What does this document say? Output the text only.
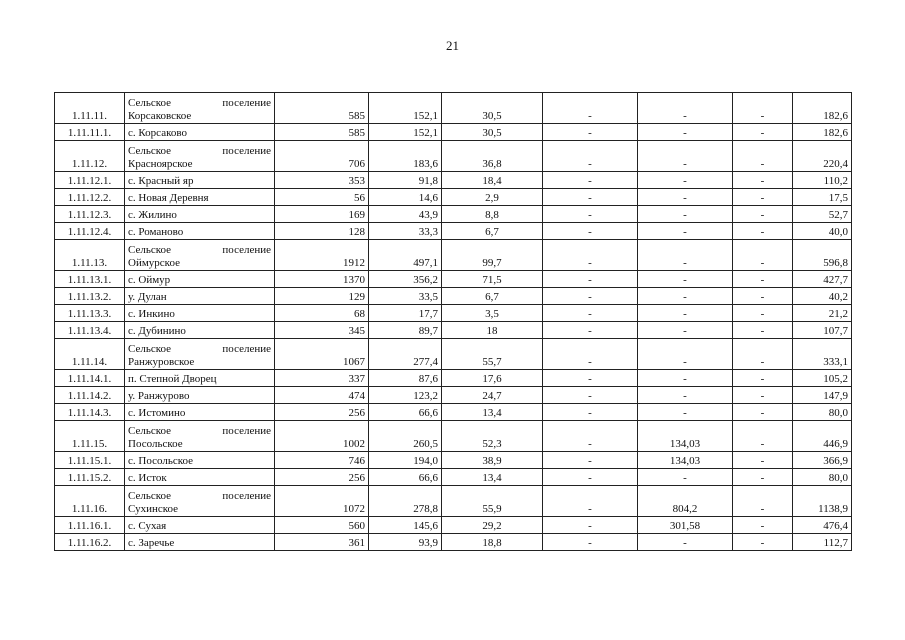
21
1.11.11.	Сельское поселение
Корсаковское	585	152,1	30,5	-	-	-	182,6
1.11.11.1.	с. Корсаково	585	152,1	30,5	-	-	-	182,6
1.11.12.	Сельское поселение
Красноярское	706	183,6	36,8	-	-	-	220,4
1.11.12.1.	с. Красный яр	353	91,8	18,4	-	-	-	110,2
1.11.12.2.	с. Новая Деревня	56	14,6	2,9	-	-	-	17,5
1.11.12.3.	с. Жилино	169	43,9	8,8	-	-	-	52,7
1.11.12.4.	с. Романово	128	33,3	6,7	-	-	-	40,0
1.11.13.	Сельское поселение
Оймурское	1912	497,1	99,7	-	-	-	596,8
1.11.13.1.	с. Оймур	1370	356,2	71,5	-	-	-	427,7
1.11.13.2.	у. Дулан	129	33,5	6,7	-	-	-	40,2
1.11.13.3.	с. Инкино	68	17,7	3,5	-	-	-	21,2
1.11.13.4.	с. Дубинино	345	89,7	18	-	-	-	107,7
1.11.14.	Сельское поселение
Ранжуровское	1067	277,4	55,7	-	-	-	333,1
1.11.14.1.	п. Степной Дворец	337	87,6	17,6	-	-	-	105,2
1.11.14.2.	у. Ранжурово	474	123,2	24,7	-	-	-	147,9
1.11.14.3.	с. Истомино	256	66,6	13,4	-	-	-	80,0
1.11.15.	Сельское поселение
Посольское	1002	260,5	52,3	-	134,03	-	446,9
1.11.15.1.	с. Посольское	746	194,0	38,9	-	134,03	-	366,9
1.11.15.2.	с. Исток	256	66,6	13,4	-	-	-	80,0
1.11.16.	Сельское поселение
Сухинское	1072	278,8	55,9	-	804,2	-	1138,9
1.11.16.1.	с. Сухая	560	145,6	29,2	-	301,58	-	476,4
1.11.16.2.	с. Заречье	361	93,9	18,8	-	-	-	112,7
